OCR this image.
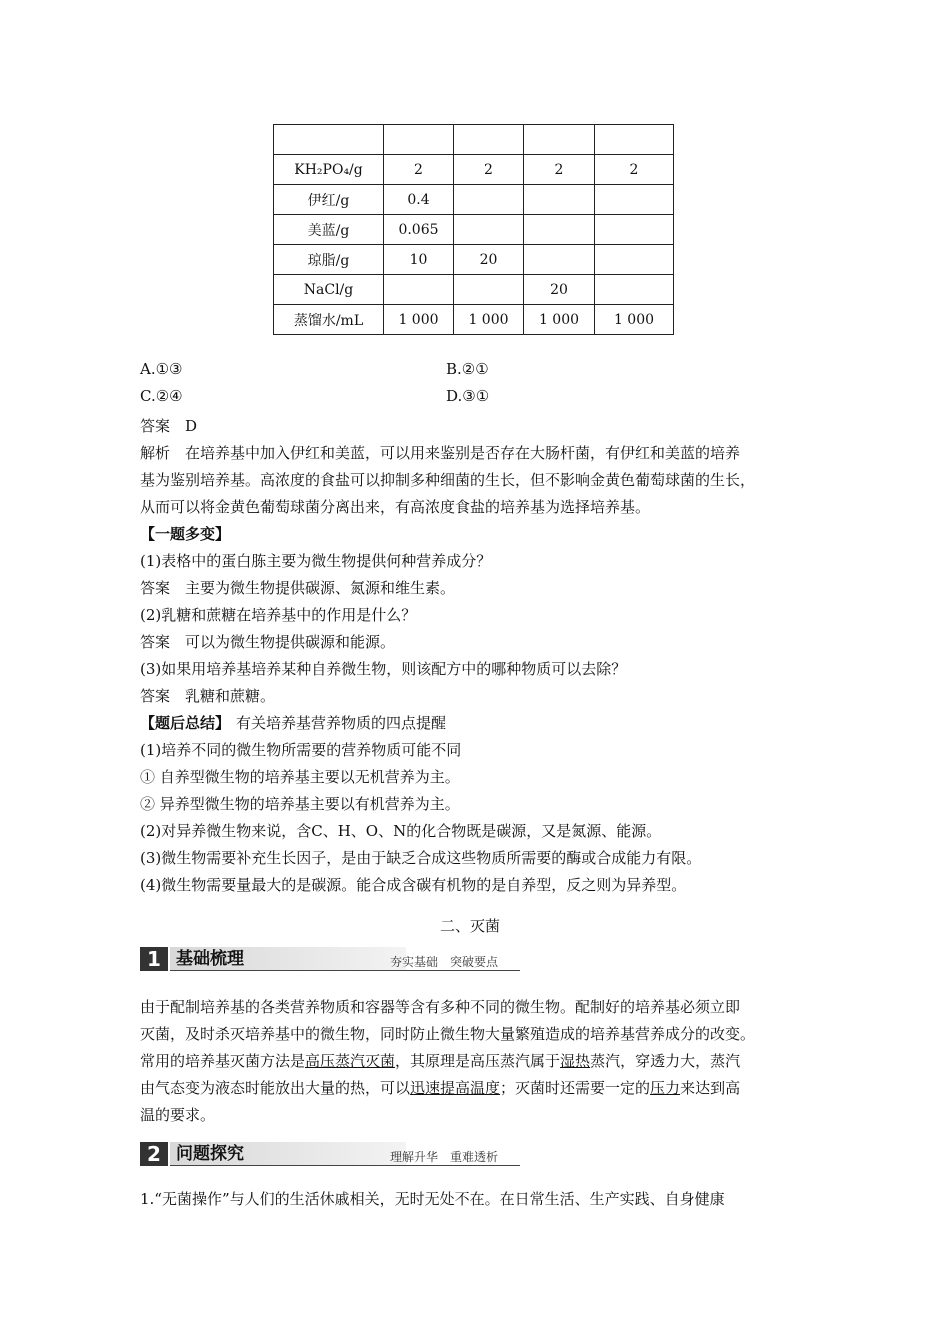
KH₂PO₄/g	2	2	2	2
伊红/g	0.4			
美蓝/g	0.065			
琼脂/g	10	20		
NaCl/g			20	
蒸馏水/mL	1 000	1 000	1 000	1 000
A.①③	B.②①
C.②④	D.③①

答案　D

解析　在培养基中加入伊红和美蓝，可以用来鉴别是否存在大肠杆菌，有伊红和美蓝的培养

基为鉴别培养基。高浓度的食盐可以抑制多种细菌的生长，但不影响金黄色葡萄球菌的生长，

从而可以将金黄色葡萄球菌分离出来，有高浓度食盐的培养基为选择培养基。

【一题多变】

(1)表格中的蛋白胨主要为微生物提供何种营养成分？

答案　主要为微生物提供碳源、氮源和维生素。

(2)乳糖和蔗糖在培养基中的作用是什么？

答案　可以为微生物提供碳源和能源。

(3)如果用培养基培养某种自养微生物，则该配方中的哪种物质可以去除？

答案　乳糖和蔗糖。

【题后总结】 有关培养基营养物质的四点提醒

(1)培养不同的微生物所需要的营养物质可能不同

① 自养型微生物的培养基主要以无机营养为主。

② 异养型微生物的培养基主要以有机营养为主。

(2)对异养微生物来说，含C、H、O、N的化合物既是碳源，又是氮源、能源。

(3)微生物需要补充生长因子，是由于缺乏合成这些物质所需要的酶或合成能力有限。

(4)微生物需要量最大的是碳源。能合成含碳有机物的是自养型，反之则为异养型。

二、灭菌
1 基础梳理	夯实基础　突破要点

由于配制培养基的各类营养物质和容器等含有多种不同的微生物。配制好的培养基必须立即

灭菌，及时杀灭培养基中的微生物，同时防止微生物大量繁殖造成的培养基营养成分的改变。

常用的培养基灭菌方法是高压蒸汽灭菌，其原理是高压蒸汽属于湿热蒸汽，穿透力大，蒸汽

由气态变为液态时能放出大量的热，可以迅速提高温度；灭菌时还需要一定的压力来达到高

温的要求。

2 问题探究	理解升华　重难透析
1.“无菌操作”与人们的生活休戚相关，无时无处不在。在日常生活、生产实践、自身健康
